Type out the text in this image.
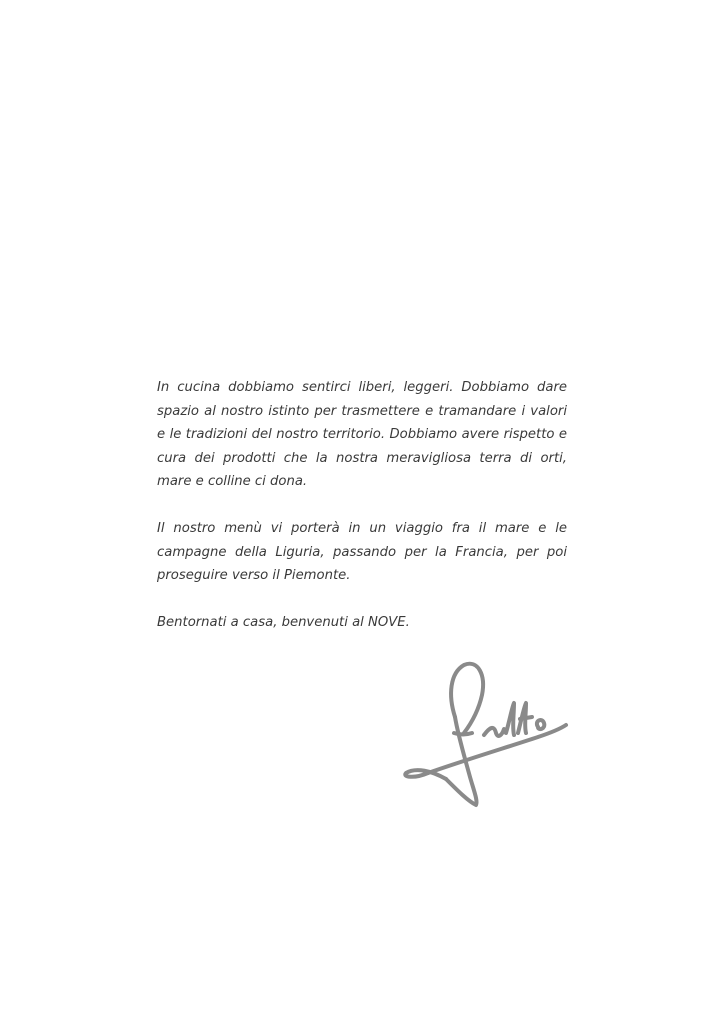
In cucina dobbiamo sentirci liberi, leggeri. Dobbiamo dare spazio al nostro istinto per trasmettere e tramandare i valori e le tradizioni del nostro territorio. Dobbiamo avere rispetto e cura dei prodotti che la nostra meravigliosa terra di orti, mare e colline ci dona.

Il nostro menù vi porterà in un viaggio fra il mare e le campagne della Liguria, passando per la Francia, per poi proseguire verso il Piemonte.

Bentornati a casa, benvenuti al NOVE.
